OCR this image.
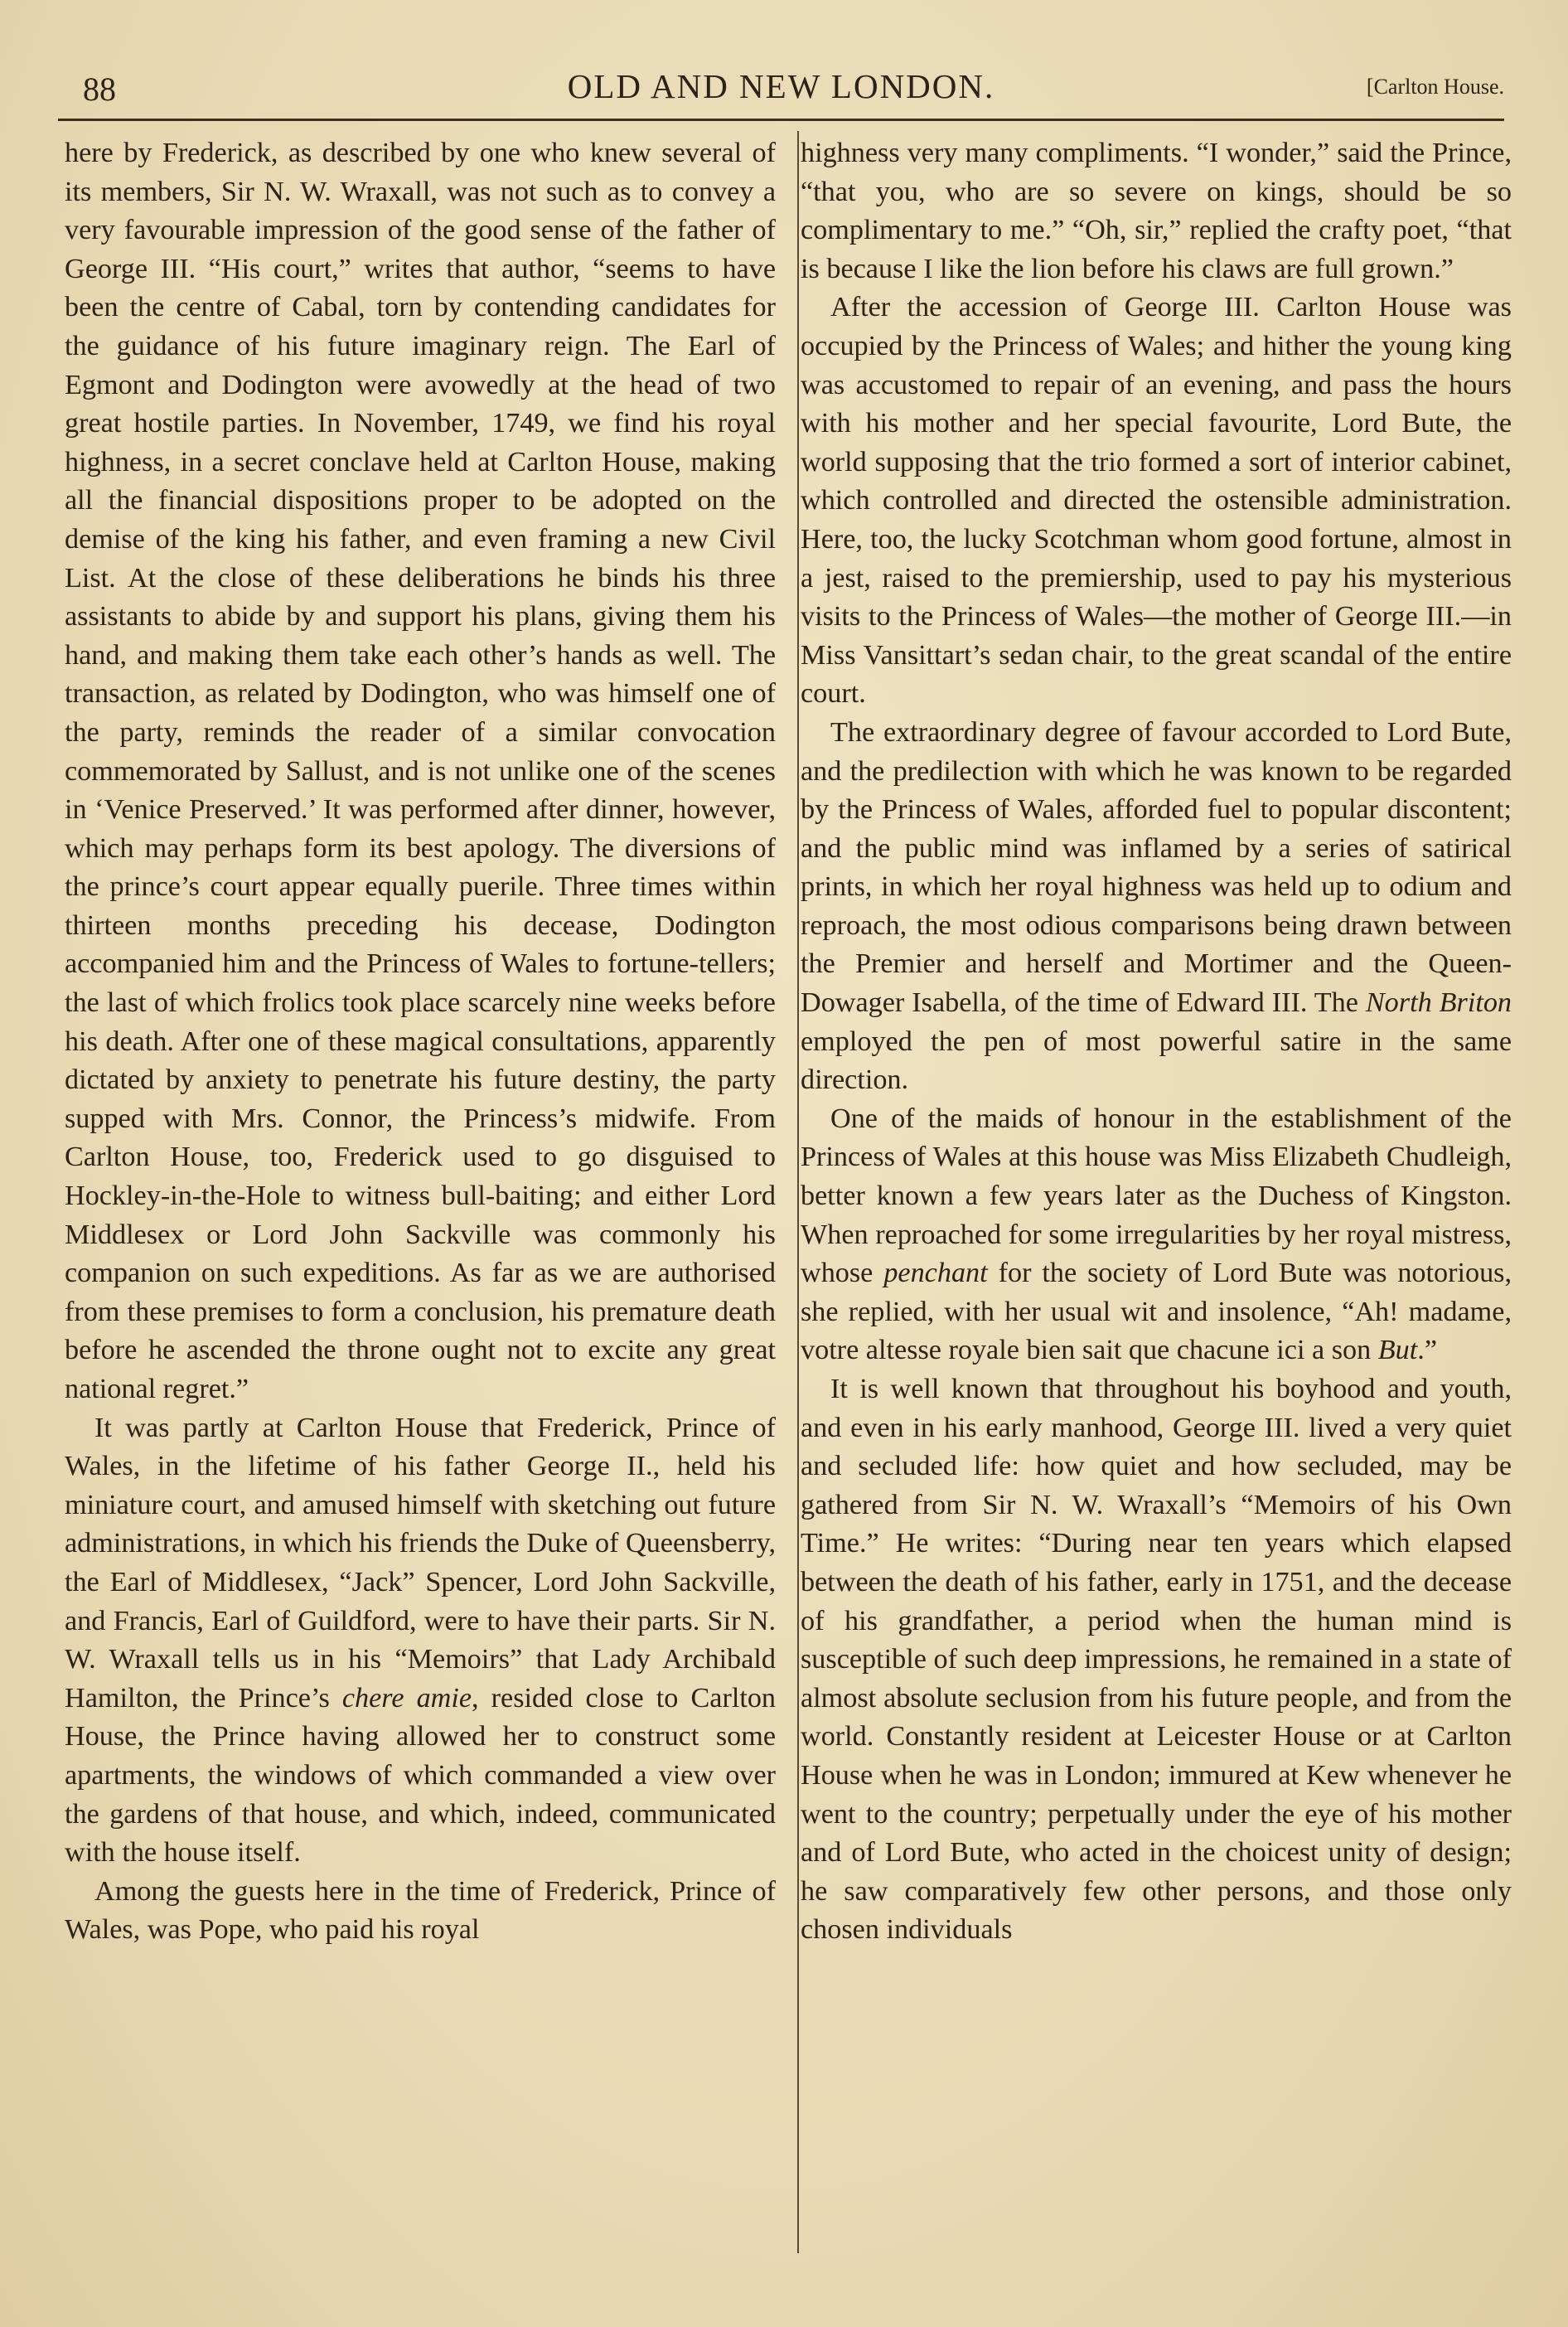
88	OLD AND NEW LONDON.	[Carlton House.

here by Frederick, as described by one who knew several of its members, Sir N. W. Wraxall, was not such as to convey a very favourable impression of the good sense of the father of George III. “His court,” writes that author, “seems to have been the centre of Cabal, torn by contending candidates for the guidance of his future imaginary reign. The Earl of Egmont and Dodington were avowedly at the head of two great hostile parties. In November, 1749, we find his royal highness, in a secret conclave held at Carlton House, making all the financial dispositions proper to be adopted on the demise of the king his father, and even framing a new Civil List. At the close of these deliberations he binds his three assistants to abide by and support his plans, giving them his hand, and making them take each other’s hands as well. The transaction, as related by Dodington, who was himself one of the party, reminds the reader of a similar convocation commemorated by Sallust, and is not unlike one of the scenes in ‘Venice Preserved.’ It was performed after dinner, however, which may perhaps form its best apology. The diversions of the prince’s court appear equally puerile. Three times within thirteen months preceding his decease, Dodington accompanied him and the Princess of Wales to fortune-tellers; the last of which frolics took place scarcely nine weeks before his death. After one of these magical consultations, apparently dictated by anxiety to penetrate his future destiny, the party supped with Mrs. Connor, the Princess’s midwife. From Carlton House, too, Frederick used to go disguised to Hockley-in-the-Hole to witness bull-baiting; and either Lord Middlesex or Lord John Sackville was commonly his companion on such expeditions. As far as we are authorised from these premises to form a conclusion, his premature death before he ascended the throne ought not to excite any great national regret.”

It was partly at Carlton House that Frederick, Prince of Wales, in the lifetime of his father George II., held his miniature court, and amused himself with sketching out future administrations, in which his friends the Duke of Queensberry, the Earl of Middlesex, “Jack” Spencer, Lord John Sackville, and Francis, Earl of Guildford, were to have their parts. Sir N. W. Wraxall tells us in his “Memoirs” that Lady Archibald Hamilton, the Prince’s chere amie, resided close to Carlton House, the Prince having allowed her to construct some apartments, the windows of which commanded a view over the gardens of that house, and which, indeed, communicated with the house itself.

Among the guests here in the time of Frederick, Prince of Wales, was Pope, who paid his royal

highness very many compliments. “I wonder,” said the Prince, “that you, who are so severe on kings, should be so complimentary to me.” “Oh, sir,” replied the crafty poet, “that is because I like the lion before his claws are full grown.”

After the accession of George III. Carlton House was occupied by the Princess of Wales; and hither the young king was accustomed to repair of an evening, and pass the hours with his mother and her special favourite, Lord Bute, the world supposing that the trio formed a sort of interior cabinet, which controlled and directed the ostensible administration. Here, too, the lucky Scotchman whom good fortune, almost in a jest, raised to the premiership, used to pay his mysterious visits to the Princess of Wales—the mother of George III.—in Miss Vansittart’s sedan chair, to the great scandal of the entire court.

The extraordinary degree of favour accorded to Lord Bute, and the predilection with which he was known to be regarded by the Princess of Wales, afforded fuel to popular discontent; and the public mind was inflamed by a series of satirical prints, in which her royal highness was held up to odium and reproach, the most odious comparisons being drawn between the Premier and herself and Mortimer and the Queen-Dowager Isabella, of the time of Edward III. The North Briton employed the pen of most powerful satire in the same direction.

One of the maids of honour in the establishment of the Princess of Wales at this house was Miss Elizabeth Chudleigh, better known a few years later as the Duchess of Kingston. When reproached for some irregularities by her royal mistress, whose penchant for the society of Lord Bute was notorious, she replied, with her usual wit and insolence, “Ah! madame, votre altesse royale bien sait que chacune ici a son But.”

It is well known that throughout his boyhood and youth, and even in his early manhood, George III. lived a very quiet and secluded life: how quiet and how secluded, may be gathered from Sir N. W. Wraxall’s “Memoirs of his Own Time.” He writes: “During near ten years which elapsed between the death of his father, early in 1751, and the decease of his grandfather, a period when the human mind is susceptible of such deep impressions, he remained in a state of almost absolute seclusion from his future people, and from the world. Constantly resident at Leicester House or at Carlton House when he was in London; immured at Kew whenever he went to the country; perpetually under the eye of his mother and of Lord Bute, who acted in the choicest unity of design; he saw comparatively few other persons, and those only chosen individuals
